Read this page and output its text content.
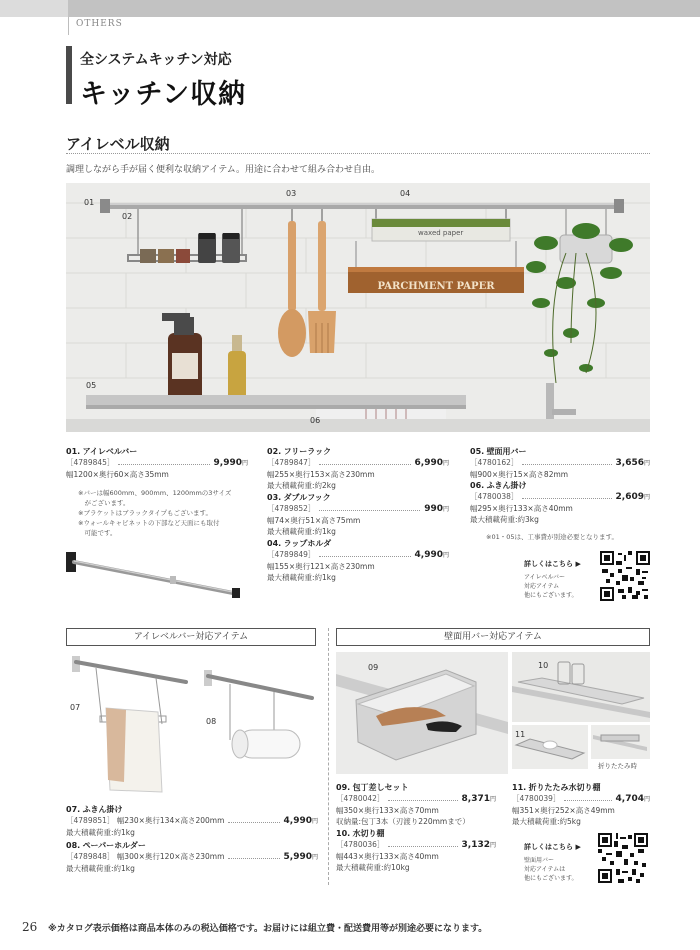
OTHERS
全システムキッチン対応
キッチン収納
アイレベル収納
調理しながら手が届く便利な収納アイテム。用途に合わせて組み合わせ自由。
waxed paper
PARCHMENT PAPER
01
02
03	04
05
06
01. アイレベルバー
［4789845］	9,990 円
幅1200×奥行60×高さ35mm
※バーは幅600mm、900mm、1200mmの3サイズ
　がございます。
※ブラケットはブラックタイプもございます。
※ウォールキャビネットの下部など天面にも取付
　可能です。
02. フリーラック
［4789847］	6,990 円
幅255×奥行153×高さ230mm
最大積載荷重:約2kg
03. ダブルフック
［4789852］	990 円
幅74×奥行51×高さ75mm
最大積載荷重:約1kg
04. ラップホルダ
［4789849］	4,990 円
幅155×奥行121×高さ230mm
最大積載荷重:約1kg
05. 壁面用バー
［4780162］	3,656 円
幅900×奥行15×高さ82mm
06. ふきん掛け
［4780038］	2,609 円
幅295×奥行133×高さ40mm
最大積載荷重:約3kg
※01・05は、工事費が別途必要となります。
詳しくはこちら ▶
アイレベルバー
対応アイテム
他にもございます。
アイレベルバー対応アイテム
07
08
07. ふきん掛け
［4789851］
幅230×奥行134×高さ200mm	4,990 円
最大積載荷重:約1kg
08. ペーパーホルダー
［4789848］
幅300×奥行120×高さ230mm	5,990 円
最大積載荷重:約1kg
壁面用バー対応アイテム
09	10
11
折りたたみ時
09. 包丁差しセット
［4780042］	8,371 円
幅350×奥行133×高さ70mm
収納量:包丁3本（刃渡り220mmまで）
10. 水切り棚
［4780036］	3,132 円
幅443×奥行133×高さ40mm
最大積載荷重:約10kg
11. 折りたたみ水切り棚
［4780039］	4,704 円
幅351×奥行252×高さ49mm
最大積載荷重:約5kg
詳しくはこちら ▶
壁面用バー
対応アイテムは
他にもございます。
26 ※カタログ表示価格は商品本体のみの税込価格です。お届けには組立費・配送費用等が別途必要になります。
